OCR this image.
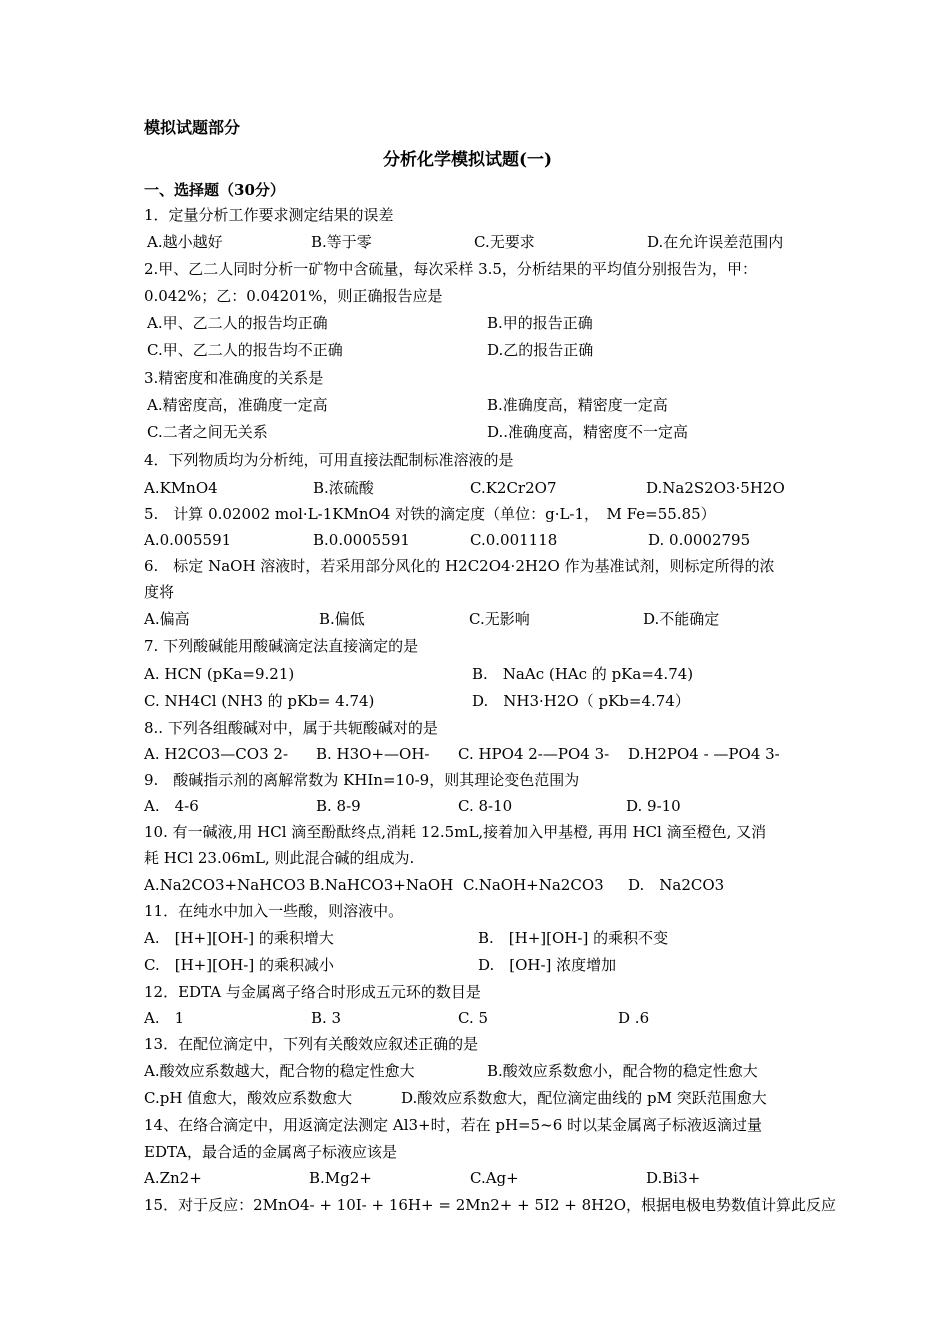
模拟试题部分
分析化学模拟试题(一)
一、选择题（30分）
1．定量分析工作要求测定结果的误差
A.越小越好	B.等于零	C.无要求	D.在允许误差范围内
2.甲、乙二人同时分析一矿物中含硫量，每次采样 3.5，分析结果的平均值分别报告为，甲：
0.042%；乙：0.04201%，则正确报告应是
A.甲、乙二人的报告均正确	B.甲的报告正确
C.甲、乙二人的报告均不正确	D.乙的报告正确
3.精密度和准确度的关系是
A.精密度高，准确度一定高	B.准确度高，精密度一定高
C.二者之间无关系	D..准确度高，精密度不一定高
4．下列物质均为分析纯，可用直接法配制标准溶液的是
A.KMnO4	B.浓硫酸	C.K2Cr2O7	D.Na2S2O3·5H2O
5.　计算 0.02002 mol·L-1KMnO4 对铁的滴定度（单位：g·L-1，　M Fe=55.85）
A.0.005591	B.0.0005591	C.0.001118	D. 0.0002795
6.　标定 NaOH 溶液时，若采用部分风化的 H2C2O4·2H2O 作为基准试剂，则标定所得的浓
度将
A.偏高	B.偏低	C.无影响	D.不能确定
7. 下列酸碱能用酸碱滴定法直接滴定的是
A. HCN (pKa=9.21)	B.　NaAc (HAc 的 pKa=4.74)
C. NH4Cl (NH3 的 pKb= 4.74)	D.　NH3·H2O（ pKb=4.74）
8.. 下列各组酸碱对中，属于共轭酸碱对的是
A. H2CO3—CO3 2- B. H3O+—OH- C. HPO4 2-—PO4 3- D.H2PO4 - —PO4 3-
9.　酸碱指示剂的离解常数为 KHIn=10-9，则其理论变色范围为
A.　4-6	B. 8-9	C. 8-10	D. 9-10
10. 有一碱液,用 HCl 滴至酚酞终点,消耗 12.5mL,接着加入甲基橙, 再用 HCl 滴至橙色, 又消
耗 HCl 23.06mL, 则此混合碱的组成为.
A.Na2CO3+NaHCO3 B.NaHCO3+NaOH C.NaOH+Na2CO3 D.　Na2CO3
11．在纯水中加入一些酸，则溶液中。
A.　[H+][OH-] 的乘积增大	B.　[H+][OH-] 的乘积不变
C.　[H+][OH-] 的乘积减小	D.　[OH-] 浓度增加
12．EDTA 与金属离子络合时形成五元环的数目是
A.　1	B. 3	C. 5	D .6
13．在配位滴定中，下列有关酸效应叙述正确的是
A.酸效应系数越大，配合物的稳定性愈大	B.酸效应系数愈小，配合物的稳定性愈大
C.pH 值愈大，酸效应系数愈大	D.酸效应系数愈大，配位滴定曲线的 pM 突跃范围愈大
14、在络合滴定中，用返滴定法测定 Al3+时，若在 pH=5~6 时以某金属离子标液返滴过量
EDTA，最合适的金属离子标液应该是
A.Zn2+	B.Mg2+	C.Ag+	D.Bi3+
15．对于反应：2MnO4- + 10I- + 16H+ = 2Mn2+ + 5I2 + 8H2O，根据电极电势数值计算此反应
